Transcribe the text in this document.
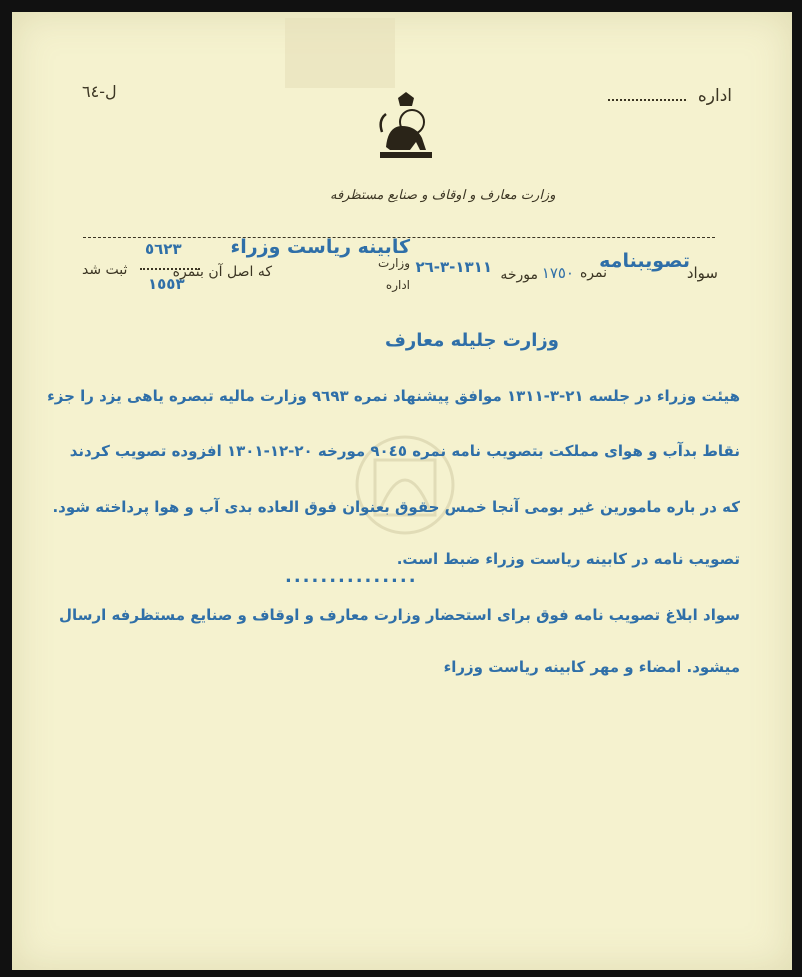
ل-٦٤	اداره
وزارت معارف و اوقاف و صنایع مستظرفه
سواد
تصويبنامه
نمره
١٧٥٠
مورخه
١٣١١-٣-٢٦
وزارت
اداره
کابینه ریاست وزراء
که اصل آن بنمره
٥٦٢٣
١٥٥٣
ثبت شد
وزارت جلیله معارف
هیئت وزراء در جلسه ٢١-٣-١٣١١ موافق پیشنهاد نمره ٩٦٩٣ وزارت مالیه تبصره یاهی یزد را جزء
نقاط بدآب و هوای مملکت بتصویب نامه نمره ٩٠٤٥ مورخه ٢٠-١٢-١٣٠١ افزوده تصویب کردند
که در باره مامورین غیر بومی آنجا خمس حقوق بعنوان فوق العاده بدی آب و هوا پرداخته شود.
تصویب نامه در کابینه ریاست وزراء ضبط است.
...............
سواد ابلاغ تصویب نامه فوق برای استحضار وزارت معارف و اوقاف و صنایع مستظرفه ارسال
میشود. امضاء و مهر کابینه ریاست وزراء
